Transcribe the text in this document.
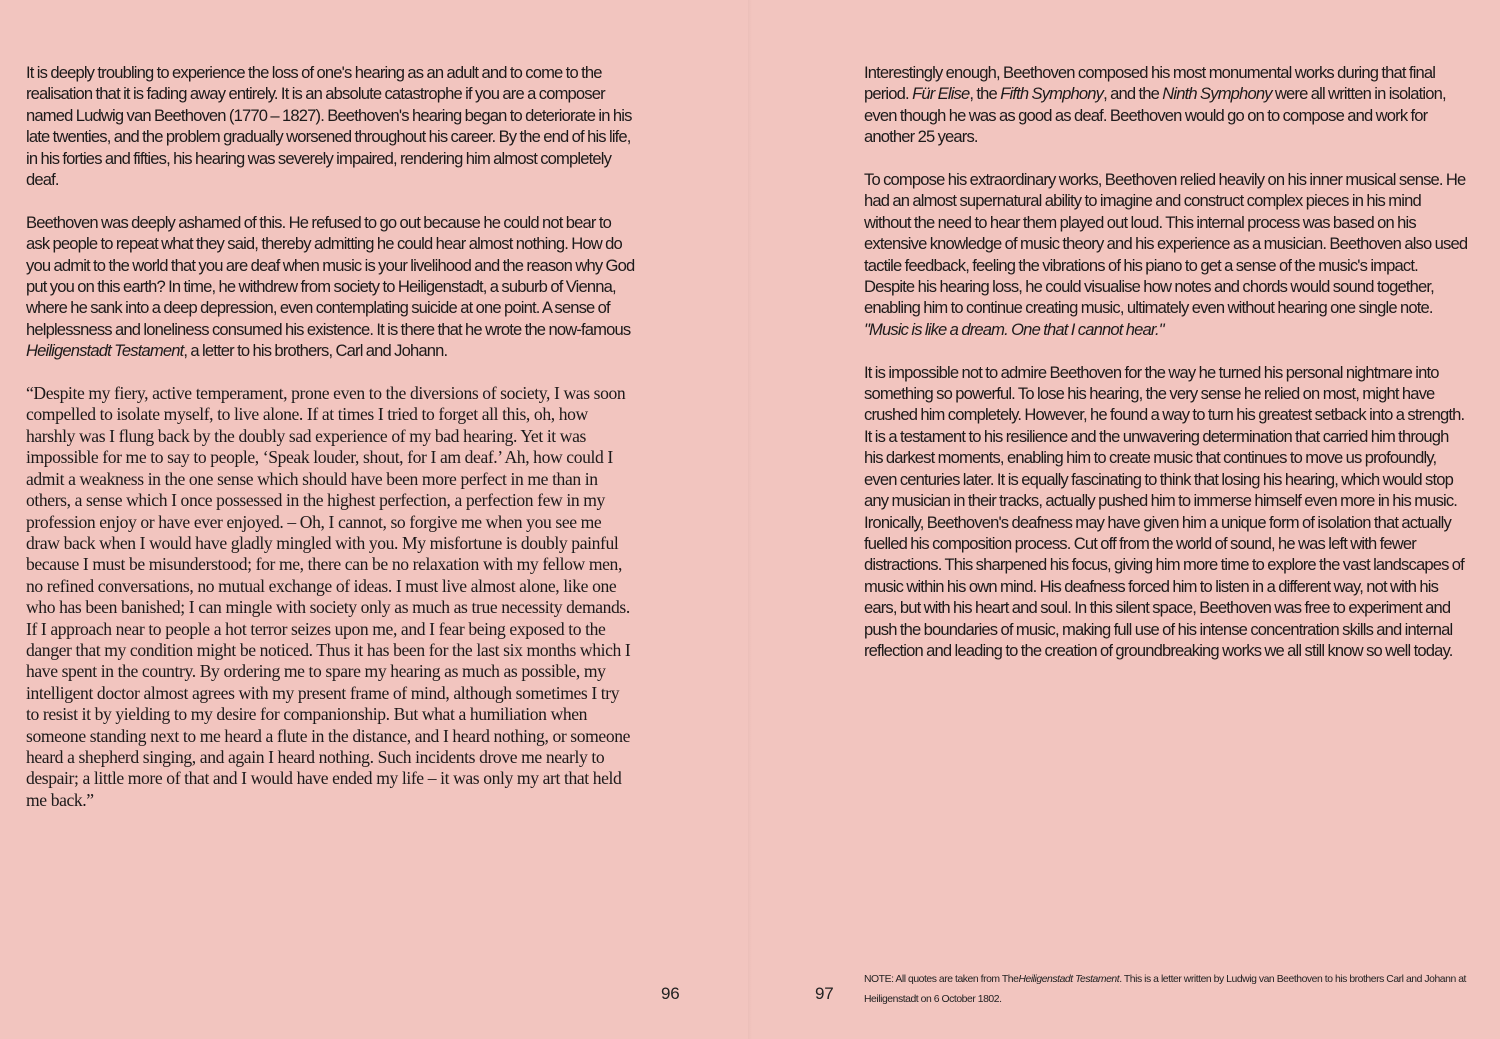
It is deeply troubling to experience the loss of one's hearing as an adult and to come to the realisation that it is fading away entirely. It is an absolute catastrophe if you are a composer named Ludwig van Beethoven (1770 – 1827). Beethoven's hearing began to deteriorate in his late twenties, and the problem gradually worsened throughout his career. By the end of his life, in his forties and fifties, his hearing was severely impaired, rendering him almost completely deaf.

Beethoven was deeply ashamed of this. He refused to go out because he could not bear to ask people to repeat what they said, thereby admitting he could hear almost nothing. How do you admit to the world that you are deaf when music is your livelihood and the reason why God put you on this earth? In time, he withdrew from society to Heiligenstadt, a suburb of Vienna, where he sank into a deep depression, even contemplating suicide at one point. A sense of helplessness and loneliness consumed his existence. It is there that he wrote the now-famous Heiligenstadt Testament, a letter to his brothers, Carl and Johann.

“Despite my fiery, active temperament, prone even to the diversions of society, I was soon compelled to isolate myself, to live alone. If at times I tried to forget all this, oh, how harshly was I flung back by the doubly sad experience of my bad hearing. Yet it was impossible for me to say to people, ‘Speak louder, shout, for I am deaf.’ Ah, how could I admit a weakness in the one sense which should have been more perfect in me than in others, a sense which I once possessed in the highest perfection, a perfection few in my profession enjoy or have ever enjoyed. – Oh, I cannot, so forgive me when you see me draw back when I would have gladly mingled with you. My misfortune is doubly painful because I must be misunderstood; for me, there can be no relaxation with my fellow men, no refined conversations, no mutual exchange of ideas. I must live almost alone, like one who has been banished; I can mingle with society only as much as true necessity demands. If I approach near to people a hot terror seizes upon me, and I fear being exposed to the danger that my condition might be noticed. Thus it has been for the last six months which I have spent in the country. By ordering me to spare my hearing as much as possible, my intelligent doctor almost agrees with my present frame of mind, although sometimes I try to resist it by yielding to my desire for companionship. But what a humiliation when someone standing next to me heard a flute in the distance, and I heard nothing, or someone heard a shepherd singing, and again I heard nothing. Such incidents drove me nearly to despair; a little more of that and I would have ended my life – it was only my art that held me back.”

96	97

Interestingly enough, Beethoven composed his most monumental works during that final period. Für Elise, the Fifth Symphony, and the Ninth Symphony were all written in isolation, even though he was as good as deaf. Beethoven would go on to compose and work for another 25 years.

To compose his extraordinary works, Beethoven relied heavily on his inner musical sense. He had an almost supernatural ability to imagine and construct complex pieces in his mind without the need to hear them played out loud. This internal process was based on his extensive knowledge of music theory and his experience as a musician. Beethoven also used tactile feedback, feeling the vibrations of his piano to get a sense of the music's impact. Despite his hearing loss, he could visualise how notes and chords would sound together, enabling him to continue creating music, ultimately even without hearing one single note. "Music is like a dream. One that I cannot hear."

It is impossible not to admire Beethoven for the way he turned his personal nightmare into something so powerful. To lose his hearing, the very sense he relied on most, might have crushed him completely. However, he found a way to turn his greatest setback into a strength. It is a testament to his resilience and the unwavering determination that carried him through his darkest moments, enabling him to create music that continues to move us profoundly, even centuries later. It is equally fascinating to think that losing his hearing, which would stop any musician in their tracks, actually pushed him to immerse himself even more in his music. Ironically, Beethoven's deafness may have given him a unique form of isolation that actually fuelled his composition process. Cut off from the world of sound, he was left with fewer distractions. This sharpened his focus, giving him more time to explore the vast landscapes of music within his own mind. His deafness forced him to listen in a different way, not with his ears, but with his heart and soul. In this silent space, Beethoven was free to experiment and push the boundaries of music, making full use of his intense concentration skills and internal reflection and leading to the creation of groundbreaking works we all still know so well today.

NOTE: All quotes are taken from TheHeiligenstadt Testament. This is a letter written by Ludwig van Beethoven to his brothers Carl and Johann at Heiligenstadt on 6 October 1802.
